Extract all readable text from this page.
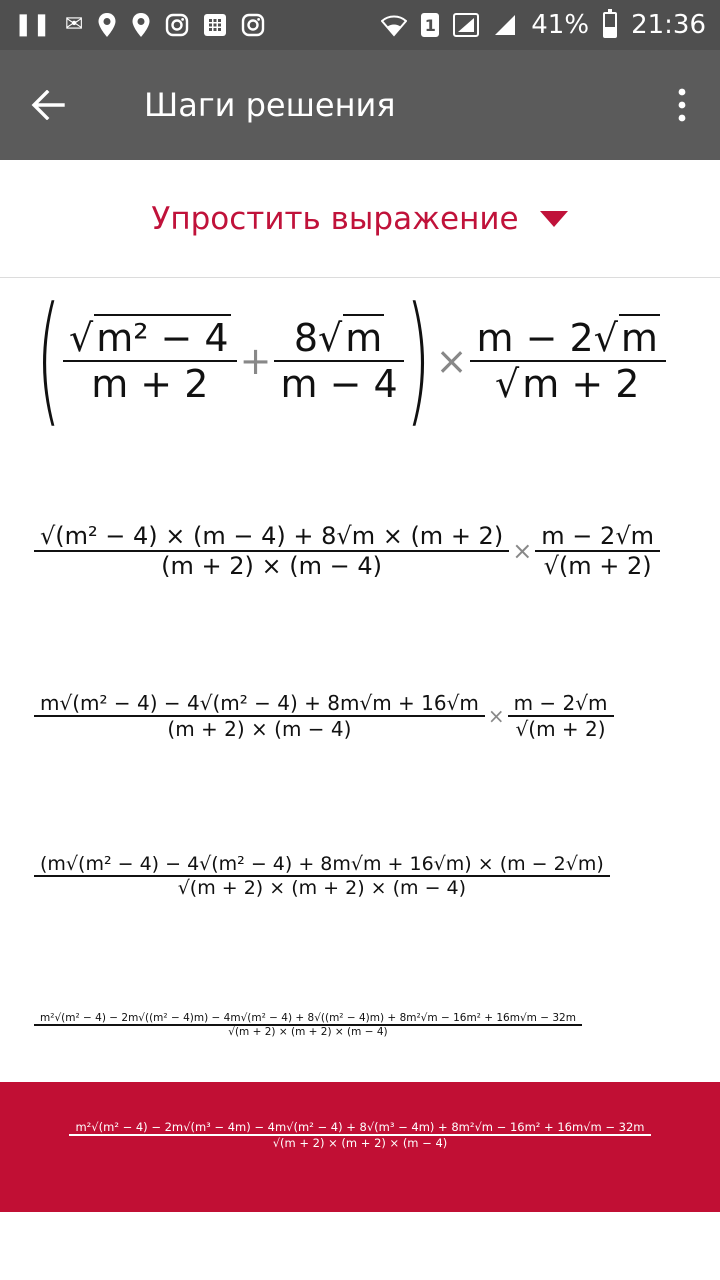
❚❚ ✉	1	41% 21:36
Шаги решения
Упростить выражение
( $\frac{\text{√m² − 4}}{m + 2} + \frac{8√m}{m - 4}$ ) × $\frac{m - 2√m}{√m + 2}$
$\frac{\text{√(m² − 4) × (m − 4) + 8√m × (m + 2)}}{(m + 2) \times (m - 4)} \times \frac{m - 2√m}{√(m + 2)}$
$\frac{\text{m√(m² − 4) − 4√(m² − 4) + 8m√m + 16√m}}{(m + 2) \times (m - 4)} \times \frac{m - 2√m}{√(m + 2)}$
$\frac{\text{(m√(m² − 4) − 4√(m² − 4) + 8m√m + 16√m) × (m − 2√m)}}{√(m + 2) \times (m + 2) \times (m - 4)}$
m²√(m² − 4) − 2m√((m² − 4)m) − 4m√(m² − 4) + 8√((m² − 4)m) + 8m²√m − 16m² + 16m√m − 32m
√(m + 2) × (m + 2) × (m − 4)
m²√(m² − 4) − 2m√(m³ − 4m) − 4m√(m² − 4) + 8√(m³ − 4m) + 8m²√m − 16m² + 16m√m − 32m
√(m + 2) × (m + 2) × (m − 4)
